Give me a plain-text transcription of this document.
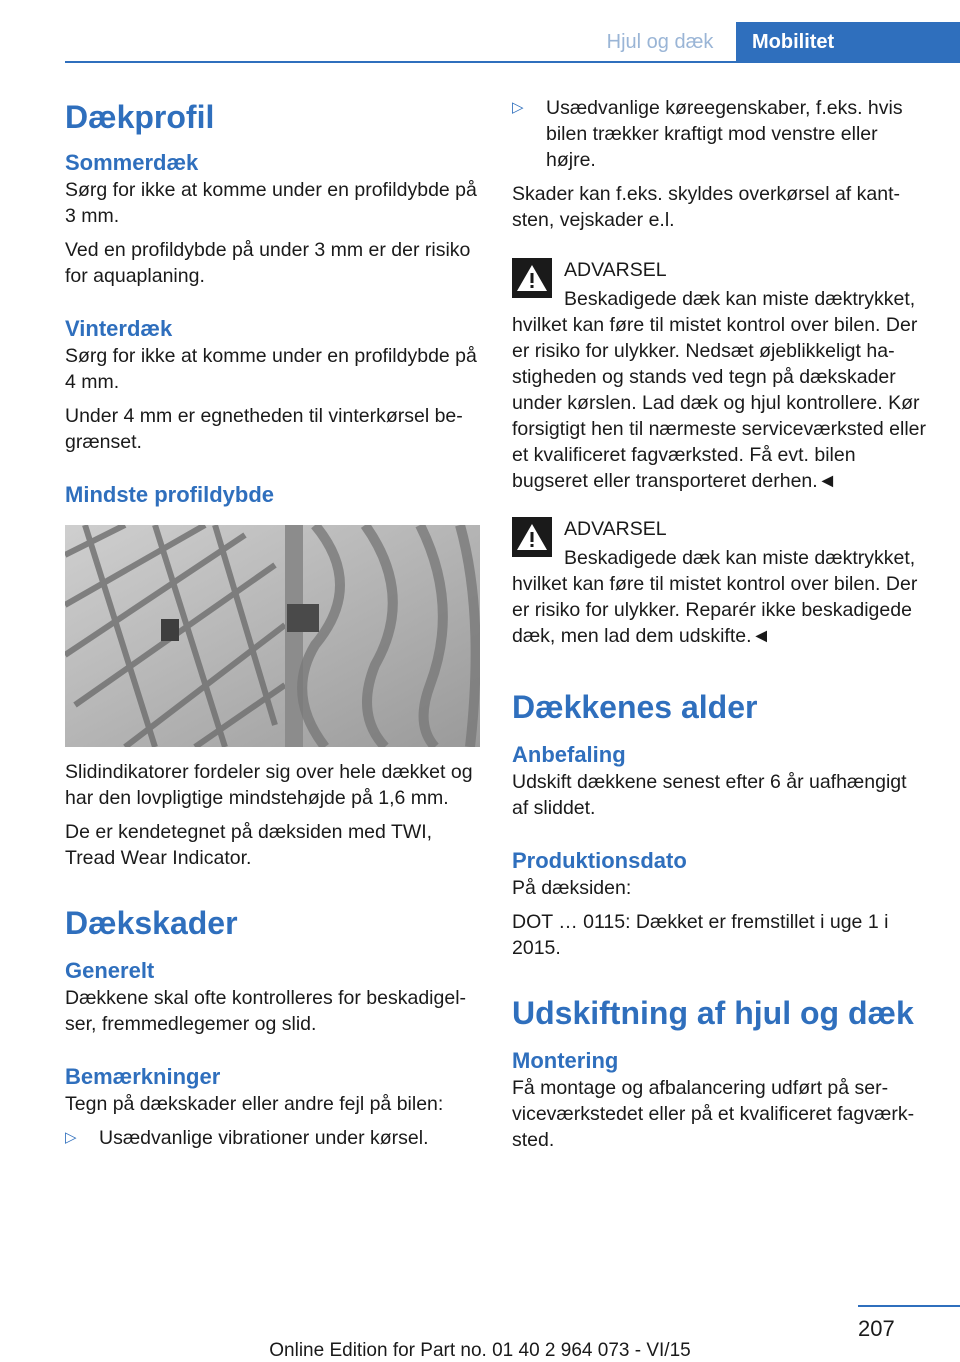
Hjul og dæk	Mobilitet
Dækprofil
Sommerdæk

Sørg for ikke at komme under en profildybde på 3 mm.

Ved en profildybde på under 3 mm er der risiko for aquaplaning.

Vinterdæk

Sørg for ikke at komme under en profildybde på 4 mm.

Under 4 mm er egnetheden til vinterkørsel begrænset.

Mindste profildybde

Slidindikatorer fordeler sig over hele dækket og har den lovpligtige mindstehøjde på 1,6 mm.

De er kendetegnet på dæksiden med TWI, Tread Wear Indicator.

Dækskader
Generelt

Dækkene skal ofte kontrolleres for beskadigelser, fremmedlegemer og slid.

Bemærkninger

Tegn på dækskader eller andre fejl på bilen:

▷	Usædvanlige vibrationer under kørsel.
▷	Usædvanlige køreegenskaber, f.eks. hvis bilen trækker kraftigt mod venstre eller højre.

Skader kan f.eks. skyldes overkørsel af kantsten, vejskader e.l.

ADVARSEL

Beskadigede dæk kan miste dæktrykket, hvilket kan føre til mistet kontrol over bilen. Der er risiko for ulykker. Nedsæt øjeblikkeligt hastigheden og stands ved tegn på dækskader under kørslen. Lad dæk og hjul kontrollere. Kør forsigtigt hen til nærmeste serviceværksted eller et kvalificeret fagværksted. Få evt. bilen bugseret eller transporteret derhen.◄

ADVARSEL

Beskadigede dæk kan miste dæktrykket, hvilket kan føre til mistet kontrol over bilen. Der er risiko for ulykker. Reparér ikke beskadigede dæk, men lad dem udskifte.◄

Dækkenes alder
Anbefaling

Udskift dækkene senest efter 6 år uafhængigt af sliddet.

Produktionsdato

På dæksiden:

DOT … 0115: Dækket er fremstillet i uge 1 i 2015.

Udskiftning af hjul og dæk
Montering

Få montage og afbalancering udført på serviceværkstedet eller på et kvalificeret fagværksted.

207
Online Edition for Part no. 01 40 2 964 073 - VI/15
